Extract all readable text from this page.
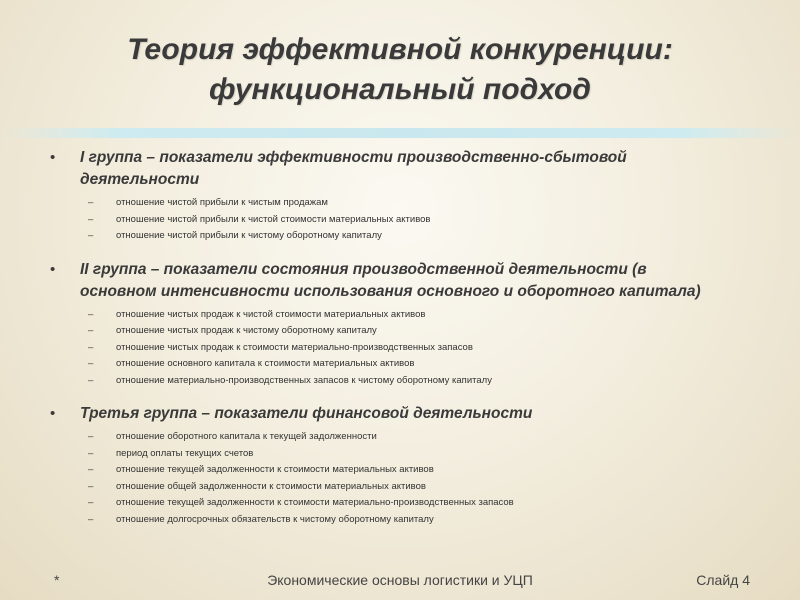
Теория эффективной конкуренции:
функциональный подход
• I группа – показатели эффективности производственно-сбытовой деятельности
– отношение чистой прибыли к чистым продажам
– отношение чистой прибыли к чистой стоимости материальных активов
– отношение чистой прибыли к чистому оборотному капиталу
• II группа – показатели состояния производственной деятельности (в основном интенсивности использования основного и оборотного капитала)
– отношение чистых продаж к чистой стоимости материальных активов
– отношение чистых продаж к чистому оборотному капиталу
– отношение чистых продаж к стоимости материально-производственных запасов
– отношение основного капитала к стоимости материальных активов
– отношение материально-производственных запасов к чистому оборотному капиталу
• Третья группа – показатели финансовой деятельности
– отношение оборотного капитала к текущей задолженности
– период оплаты текущих счетов
– отношение текущей задолженности к стоимости материальных активов
– отношение общей задолженности к стоимости материальных активов
– отношение текущей задолженности к стоимости материально-производственных запасов
– отношение долгосрочных обязательств к чистому оборотному капиталу
*	Экономические основы логистики и УЦП	Слайд 4
